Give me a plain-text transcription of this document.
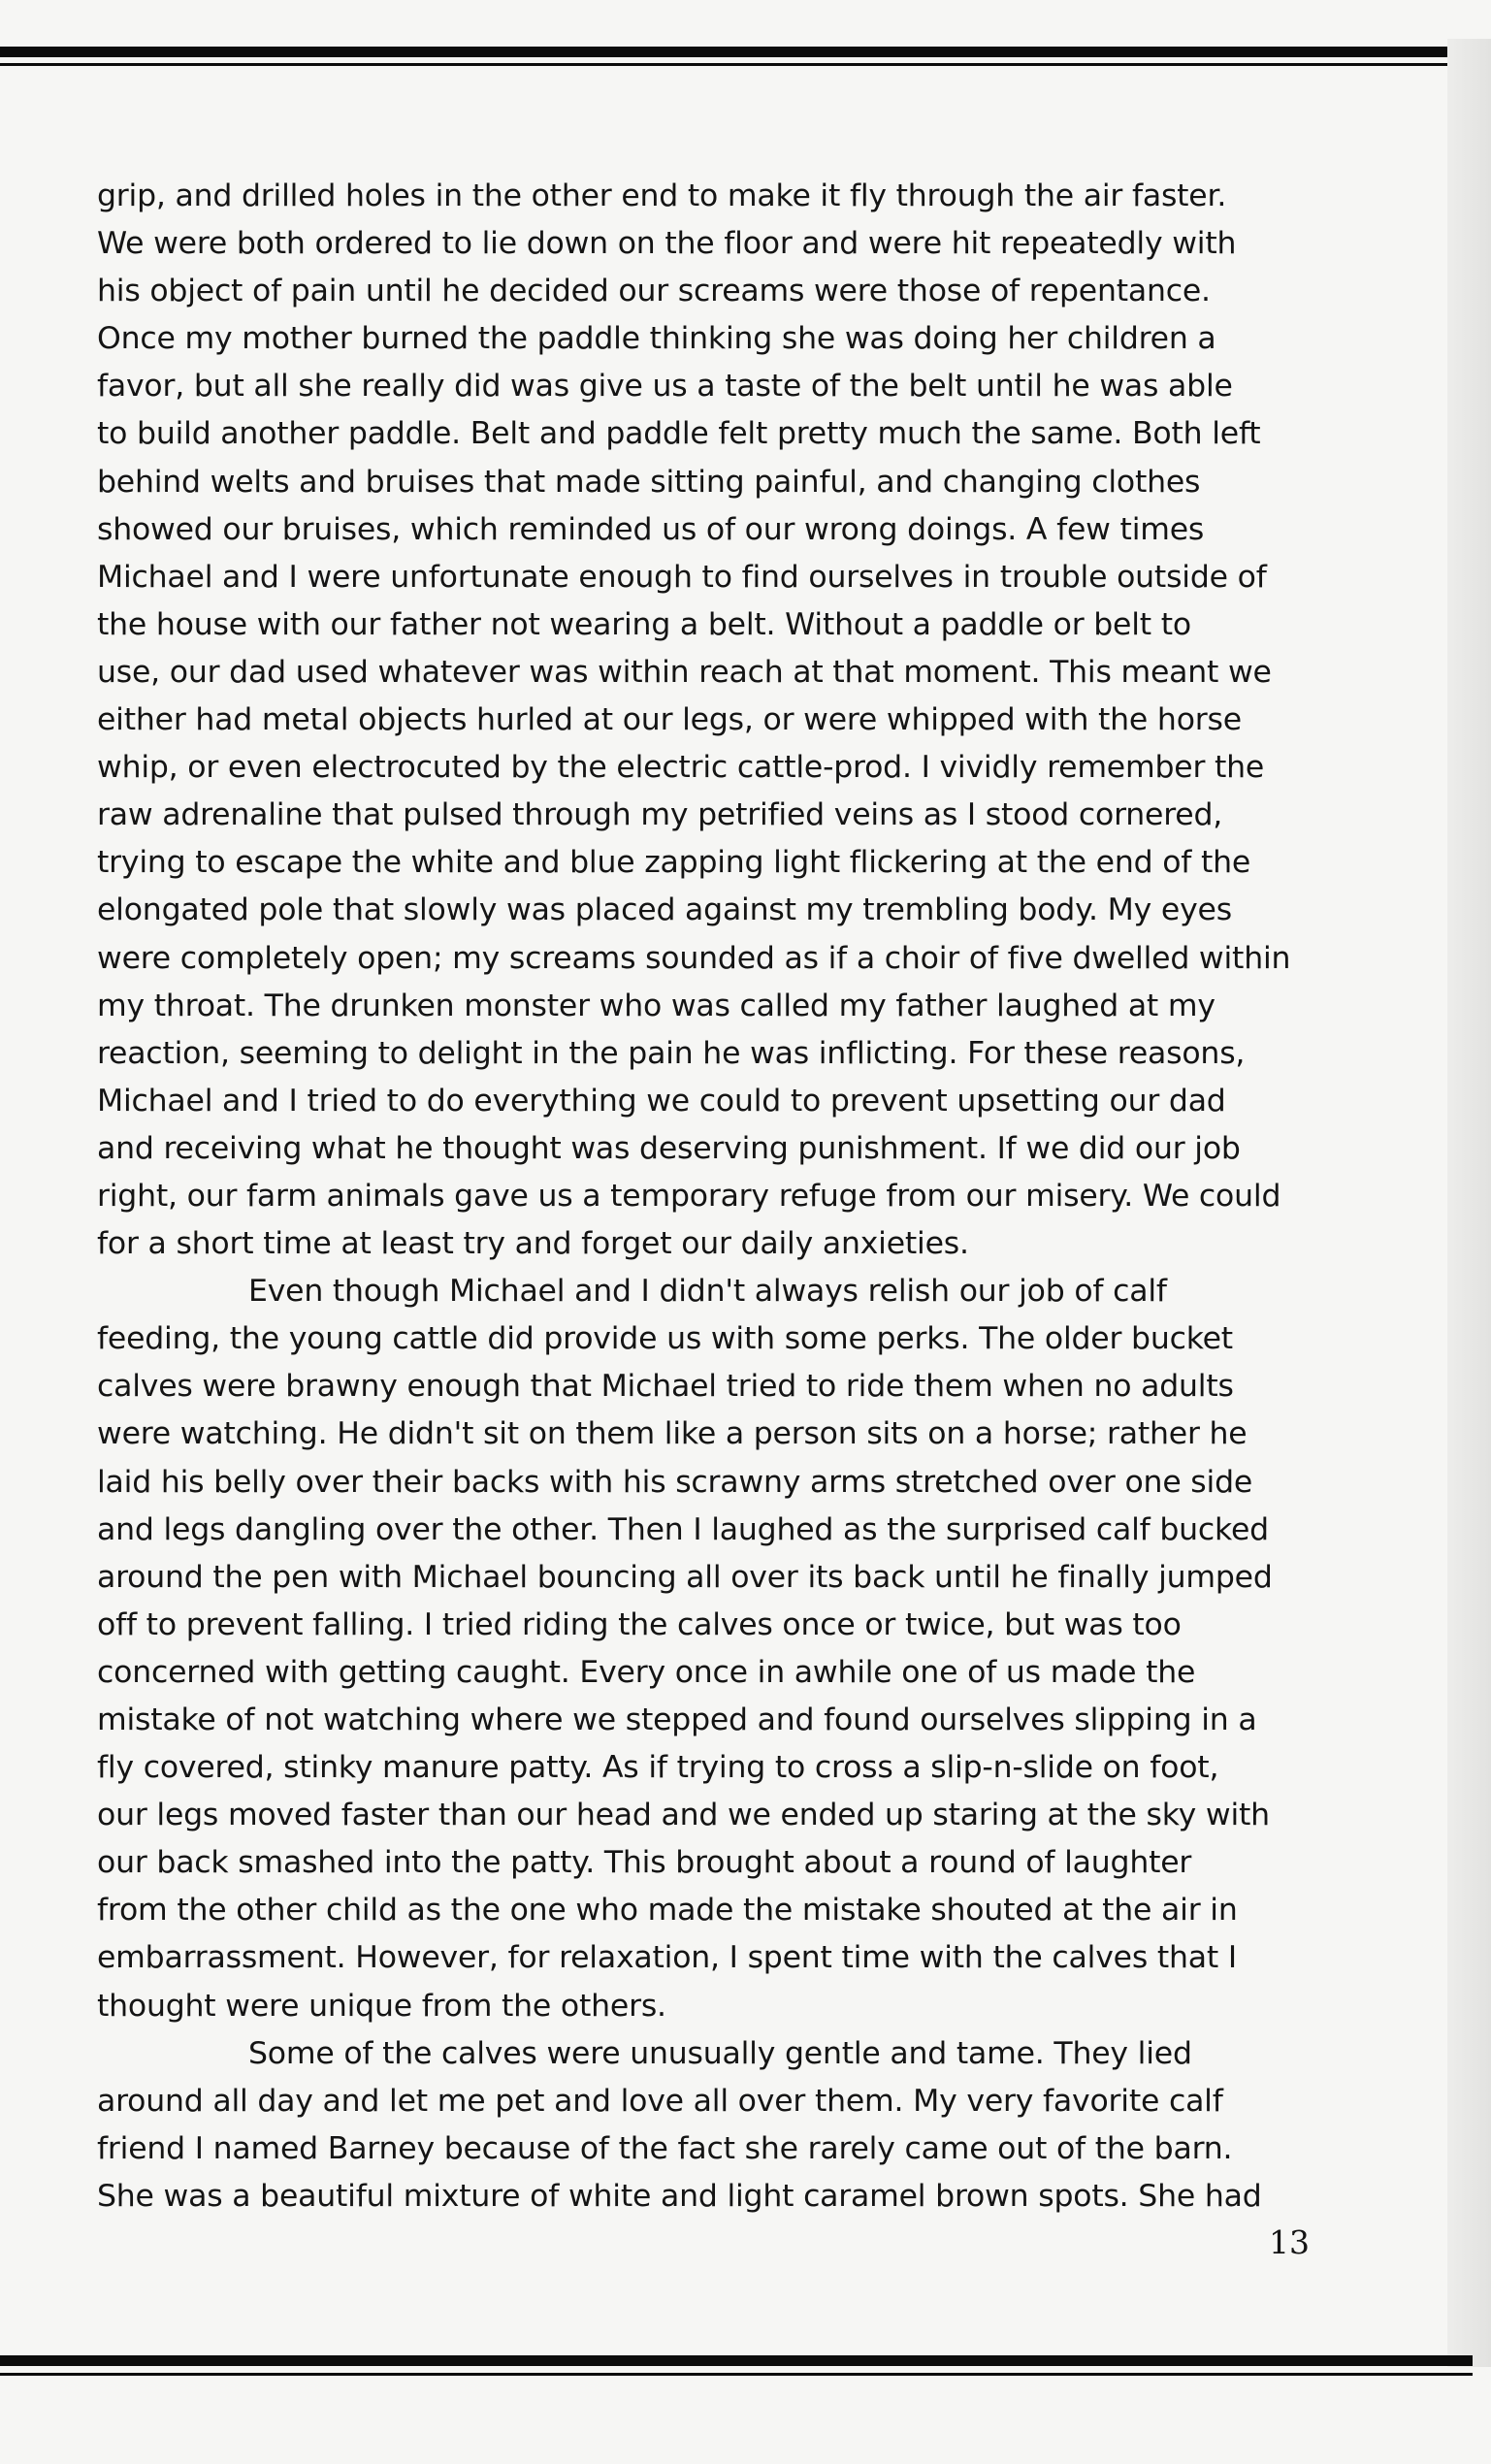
grip, and drilled holes in the other end to make it fly through the air faster.
We were both ordered to lie down on the floor and were hit repeatedly with
his object of pain until he decided our screams were those of repentance.
Once my mother burned the paddle thinking she was doing her children a
favor, but all she really did was give us a taste of the belt until he was able
to build another paddle. Belt and paddle felt pretty much the same. Both left
behind welts and bruises that made sitting painful, and changing clothes
showed our bruises, which reminded us of our wrong doings. A few times
Michael and I were unfortunate enough to find ourselves in trouble outside of
the house with our father not wearing a belt. Without a paddle or belt to
use, our dad used whatever was within reach at that moment. This meant we
either had metal objects hurled at our legs, or were whipped with the horse
whip, or even electrocuted by the electric cattle-prod. I vividly remember the
raw adrenaline that pulsed through my petrified veins as I stood cornered,
trying to escape the white and blue zapping light flickering at the end of the
elongated pole that slowly was placed against my trembling body. My eyes
were completely open; my screams sounded as if a choir of five dwelled within
my throat. The drunken monster who was called my father laughed at my
reaction, seeming to delight in the pain he was inflicting. For these reasons,
Michael and I tried to do everything we could to prevent upsetting our dad
and receiving what he thought was deserving punishment. If we did our job
right, our farm animals gave us a temporary refuge from our misery. We could
for a short time at least try and forget our daily anxieties.
Even though Michael and I didn't always relish our job of calf
feeding, the young cattle did provide us with some perks. The older bucket
calves were brawny enough that Michael tried to ride them when no adults
were watching. He didn't sit on them like a person sits on a horse; rather he
laid his belly over their backs with his scrawny arms stretched over one side
and legs dangling over the other. Then I laughed as the surprised calf bucked
around the pen with Michael bouncing all over its back until he finally jumped
off to prevent falling. I tried riding the calves once or twice, but was too
concerned with getting caught. Every once in awhile one of us made the
mistake of not watching where we stepped and found ourselves slipping in a
fly covered, stinky manure patty. As if trying to cross a slip-n-slide on foot,
our legs moved faster than our head and we ended up staring at the sky with
our back smashed into the patty. This brought about a round of laughter
from the other child as the one who made the mistake shouted at the air in
embarrassment. However, for relaxation, I spent time with the calves that I
thought were unique from the others.
Some of the calves were unusually gentle and tame. They lied
around all day and let me pet and love all over them. My very favorite calf
friend I named Barney because of the fact she rarely came out of the barn.
She was a beautiful mixture of white and light caramel brown spots. She had
13
